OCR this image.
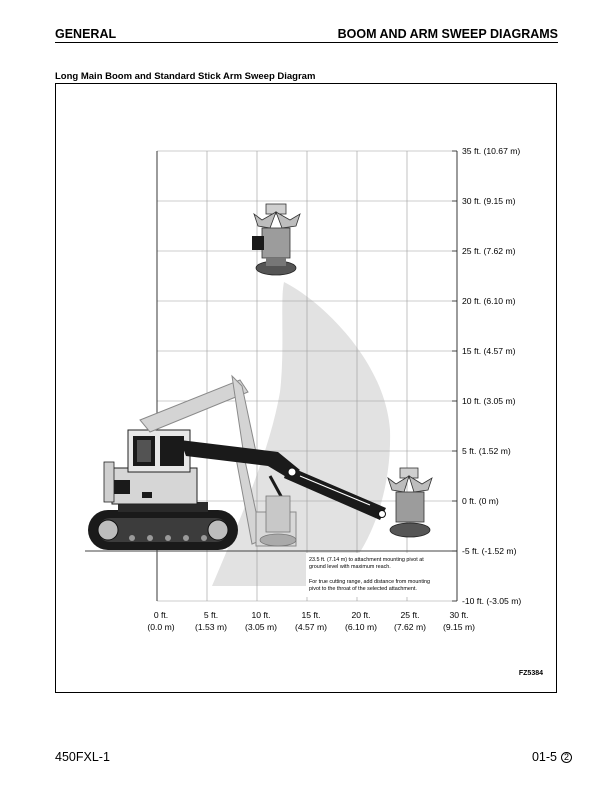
GENERAL	BOOM AND ARM SWEEP DIAGRAMS
Long Main Boom and Standard Stick Arm Sweep Diagram
35 ft. (10.67 m)
30 ft. (9.15 m)
25 ft. (7.62 m)
20 ft. (6.10 m)
15 ft. (4.57 m)
10 ft. (3.05 m)
5 ft. (1.52 m)
0 ft. (0 m)
-5 ft. (-1.52 m)
-10 ft. (-3.05 m)
0 ft.
(0.0 m)
5 ft.
(1.53 m)
10 ft.
(3.05 m)
15 ft.
(4.57 m)
20 ft.
(6.10 m)
25 ft.
(7.62 m)
30 ft.
(9.15 m)
23.5 ft. (7.14 m) to attachment mounting pivot at
ground level with maximum reach.
For true cutting range, add distance from mounting
pivot to the throat of the selected attachment.
FZ5384
450FXL-1	01-5 2
